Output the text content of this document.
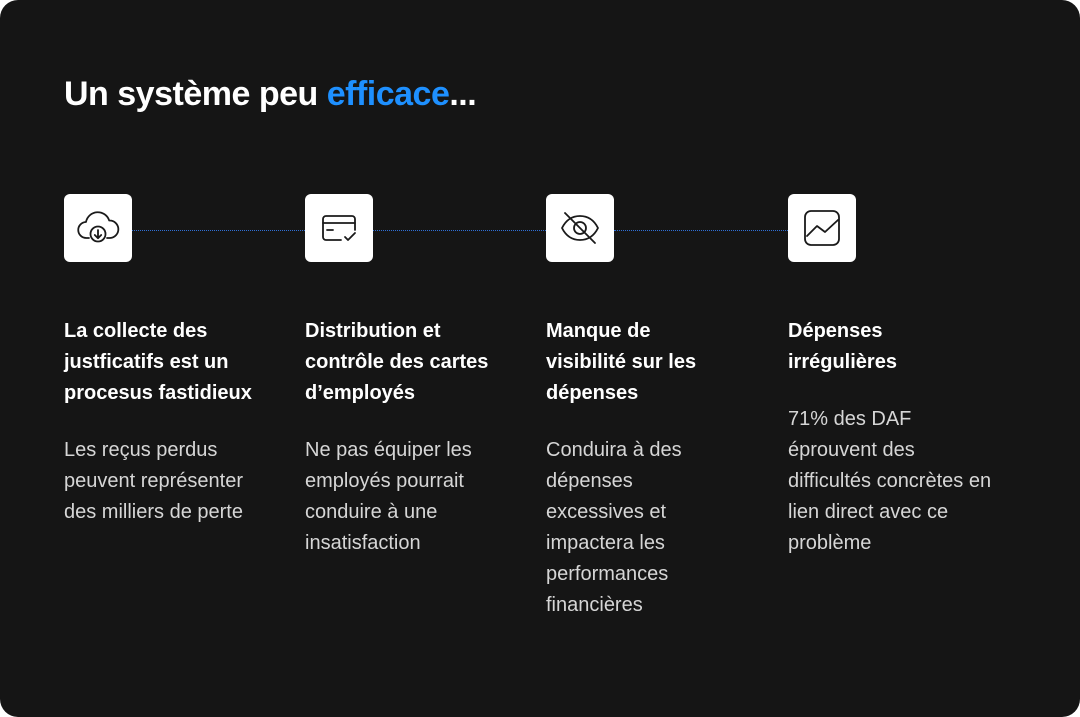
Un système peu efficace...
La collecte des justficatifs est un procesus fastidieux

Les reçus perdus peuvent représenter des milliers de perte

Distribution et contrôle des cartes d’employés

Ne pas équiper les employés pourrait conduire à une insatisfaction

Manque de visibilité sur les dépenses

Conduira à des dépenses excessives et impactera les performances financières

Dépenses irrégulières

71% des DAF éprouvent des difficultés concrètes en lien direct avec ce problème
